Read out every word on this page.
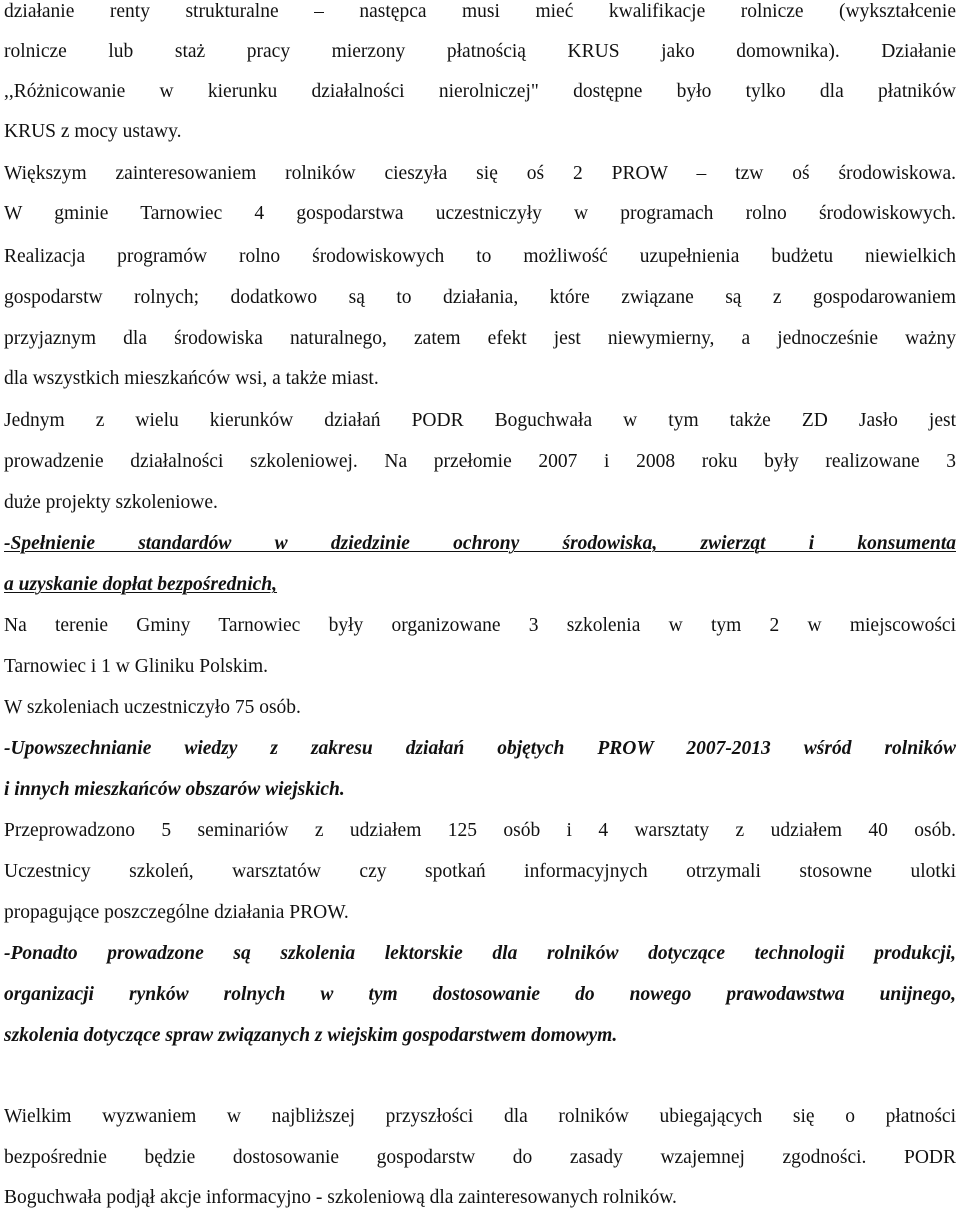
działanie renty strukturalne – następca musi mieć kwalifikacje rolnicze (wykształcenie
rolnicze lub staż pracy mierzony płatnością KRUS jako domownika). Działanie
,,Różnicowanie w kierunku działalności nierolniczej" dostępne było tylko dla płatników
KRUS z mocy ustawy.
Większym zainteresowaniem rolników cieszyła się oś 2 PROW – tzw oś środowiskowa.
W gminie Tarnowiec 4 gospodarstwa uczestniczyły w programach rolno środowiskowych.
Realizacja programów rolno środowiskowych to możliwość uzupełnienia budżetu niewielkich
gospodarstw rolnych; dodatkowo są to działania, które związane są z gospodarowaniem
przyjaznym dla środowiska naturalnego, zatem efekt jest niewymierny, a jednocześnie ważny
dla wszystkich mieszkańców wsi, a także miast.
Jednym z wielu kierunków działań PODR Boguchwała w tym także ZD Jasło jest
prowadzenie działalności szkoleniowej. Na przełomie 2007 i 2008 roku były realizowane 3
duże projekty szkoleniowe.
-Spełnienie standardów w dziedzinie ochrony środowiska, zwierząt i konsumenta
a uzyskanie dopłat bezpośrednich,
Na terenie Gminy Tarnowiec były organizowane 3 szkolenia w tym 2 w miejscowości
Tarnowiec i 1 w Gliniku Polskim.
W szkoleniach uczestniczyło 75 osób.
-Upowszechnianie wiedzy z zakresu działań objętych PROW 2007-2013 wśród rolników
i innych mieszkańców obszarów wiejskich.
Przeprowadzono 5 seminariów z udziałem 125 osób i 4 warsztaty z udziałem 40 osób.
Uczestnicy szkoleń, warsztatów czy spotkań informacyjnych otrzymali stosowne ulotki
propagujące poszczególne działania PROW.
-Ponadto prowadzone są szkolenia lektorskie dla rolników dotyczące technologii produkcji,
organizacji rynków rolnych w tym dostosowanie do nowego prawodawstwa unijnego,
szkolenia dotyczące spraw związanych z wiejskim gospodarstwem domowym.
Wielkim wyzwaniem w najbliższej przyszłości dla rolników ubiegających się o płatności
bezpośrednie będzie dostosowanie gospodarstw do zasady wzajemnej zgodności. PODR
Boguchwała podjął akcje informacyjno - szkoleniową dla zainteresowanych rolników.
